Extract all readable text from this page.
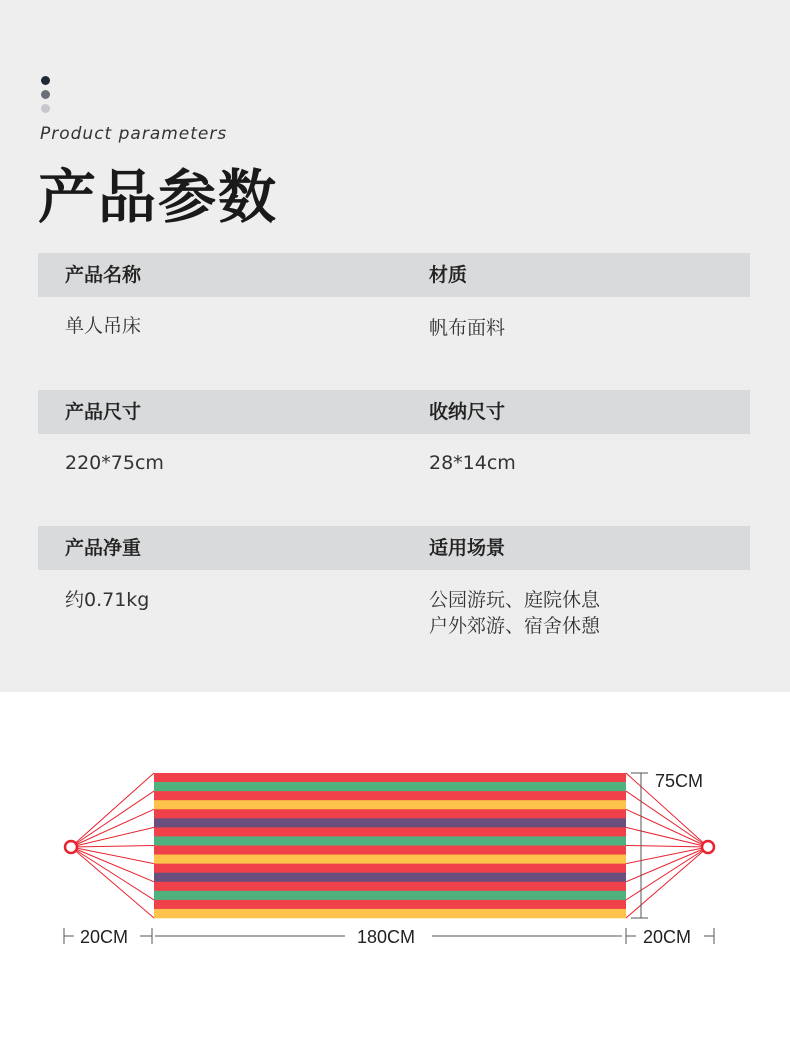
Product parameters
产品参数
产品名称	材质
单人吊床	帆布面料
产品尺寸	收纳尺寸
220*75cm	28*14cm
产品净重	适用场景
约0.71kg	公园游玩、庭院休息
户外郊游、宿舍休憩
75CM
20CM	180CM	20CM
